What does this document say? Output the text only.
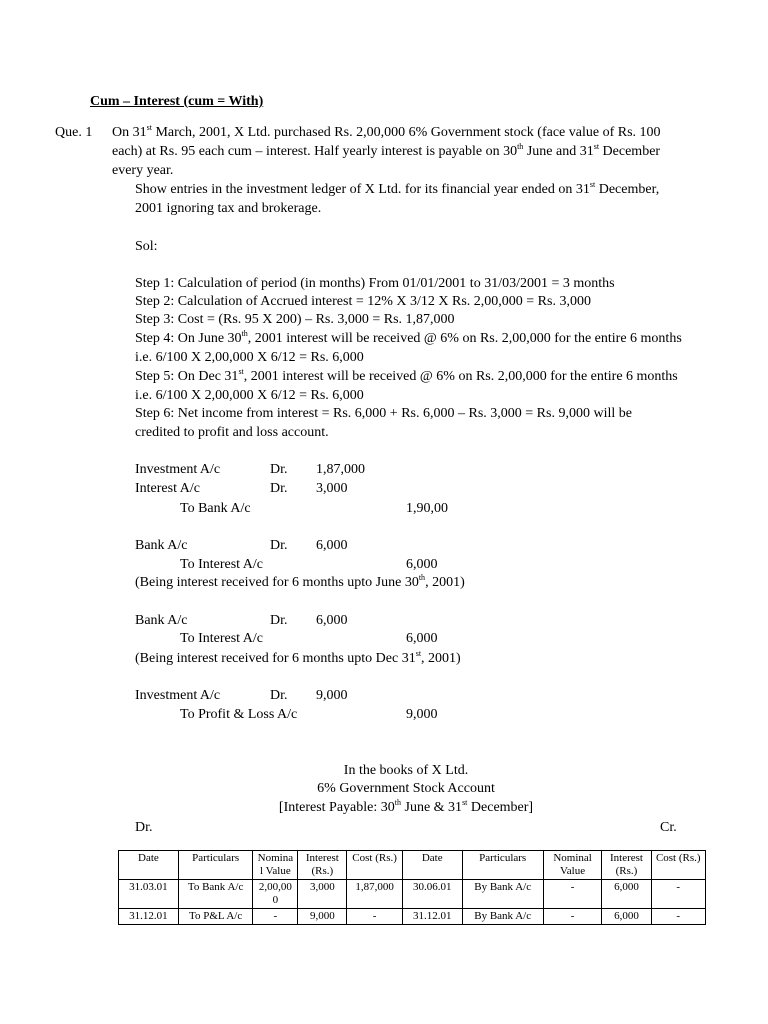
Cum – Interest (cum = With)
Que. 1 On 31st March, 2001, X Ltd. purchased Rs. 2,00,000 6% Government stock (face value of Rs. 100
each) at Rs. 95 each cum – interest. Half yearly interest is payable on 30th June and 31st December
every year.
Show entries in the investment ledger of X Ltd. for its financial year ended on 31st December,
2001 ignoring tax and brokerage.
Sol:
Step 1: Calculation of period (in months) From 01/01/2001 to 31/03/2001 = 3 months
Step 2: Calculation of Accrued interest = 12% X 3/12 X Rs. 2,00,000 = Rs. 3,000
Step 3: Cost = (Rs. 95 X 200) – Rs. 3,000 = Rs. 1,87,000
Step 4: On June 30th, 2001 interest will be received @ 6% on Rs. 2,00,000 for the entire 6 months
i.e. 6/100 X 2,00,000 X 6/12 = Rs. 6,000
Step 5: On Dec 31st, 2001 interest will be received @ 6% on Rs. 2,00,000 for the entire 6 months
i.e. 6/100 X 2,00,000 X 6/12 = Rs. 6,000
Step 6: Net income from interest = Rs. 6,000 + Rs. 6,000 – Rs. 3,000 = Rs. 9,000 will be
credited to profit and loss account.
Investment A/c	Dr. 1,87,000
Interest A/c	Dr. 3,000
To Bank A/c	1,90,00
Bank A/c	Dr. 6,000
To Interest A/c	6,000
(Being interest received for 6 months upto June 30th, 2001)
Bank A/c	Dr. 6,000
To Interest A/c	6,000
(Being interest received for 6 months upto Dec 31st, 2001)
Investment A/c	Dr. 9,000
To Profit & Loss A/c	9,000
In the books of X Ltd.
6% Government Stock Account
[Interest Payable: 30th June & 31st December]
Dr.	Cr.
Date	Particulars	Nomina l Value	Interest (Rs.)	Cost (Rs.)	Date	Particulars	Nominal Value	Interest (Rs.)	Cost (Rs.)
31.03.01	To Bank A/c	2,00,00 0	3,000	1,87,000	30.06.01	By Bank A/c	-	6,000	-
31.12.01	To P&L A/c	-	9,000	-	31.12.01	By Bank A/c	-	6,000	-
